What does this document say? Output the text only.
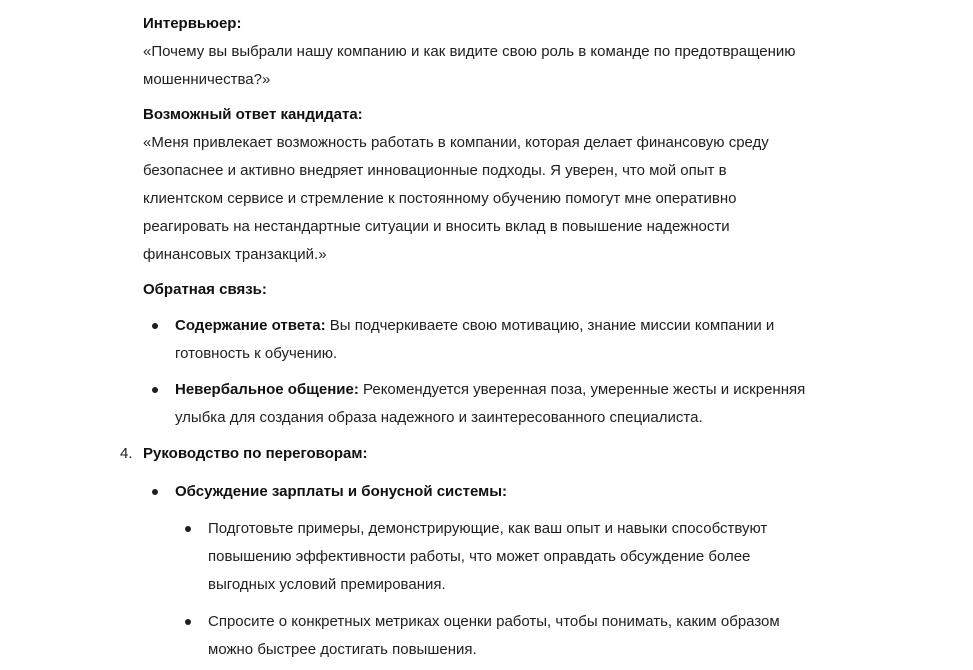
Интервьюер:
«Почему вы выбрали нашу компанию и как видите свою роль в команде по предотвращению
мошенничества?»
Возможный ответ кандидата:
«Меня привлекает возможность работать в компании, которая делает финансовую среду
безопаснее и активно внедряет инновационные подходы. Я уверен, что мой опыт в
клиентском сервисе и стремление к постоянному обучению помогут мне оперативно
реагировать на нестандартные ситуации и вносить вклад в повышение надежности
финансовых транзакций.»
Обратная связь:
Содержание ответа: Вы подчеркиваете свою мотивацию, знание миссии компании и
готовность к обучению.
Невербальное общение: Рекомендуется уверенная поза, умеренные жесты и искренняя
улыбка для создания образа надежного и заинтересованного специалиста.
4. Руководство по переговорам:
Обсуждение зарплаты и бонусной системы:
Подготовьте примеры, демонстрирующие, как ваш опыт и навыки способствуют
повышению эффективности работы, что может оправдать обсуждение более
выгодных условий премирования.
Спросите о конкретных метриках оценки работы, чтобы понимать, каким образом
можно быстрее достигать повышения.
